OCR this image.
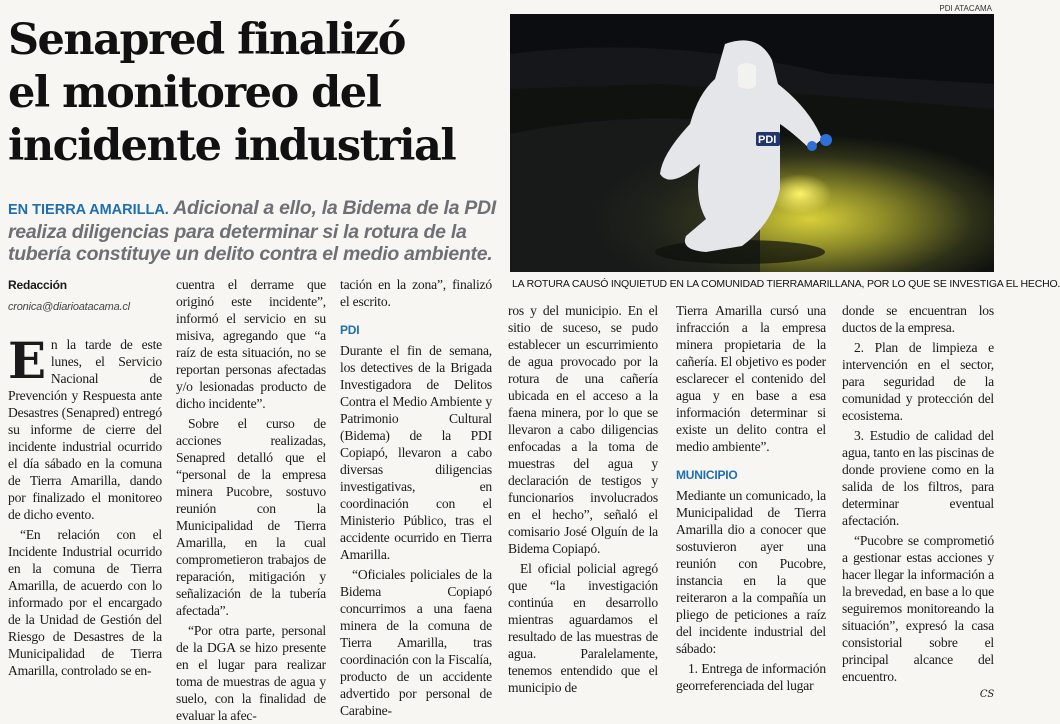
PDI ATACAMA
Senapred finalizó
el monitoreo del
incidente industrial	PDI
LA ROTURA CAUSÓ INQUIETUD EN LA COMUNIDAD TIERRAMARILLANA, POR LO QUE SE INVESTIGA EL HECHO.
EN TIERRA AMARILLA. Adicional a ello, la Bidema de la PDI realiza diligencias para determinar si la rotura de la tubería constituye un delito contra el medio ambiente.
Redacción
cronica@diarioatacama.cl

En la tarde de este lunes, el Servicio Nacional de Prevención y Respuesta ante Desastres (Senapred) entregó su informe de cierre del incidente industrial ocurrido el día sábado en la comuna de Tierra Amarilla, dando por finalizado el monitoreo de dicho evento.

“En relación con el Incidente Industrial ocurrido en la comuna de Tierra Amarilla, de acuerdo con lo informado por el encargado de la Unidad de Gestión del Riesgo de Desastres de la Municipalidad de Tierra Amarilla, controlado se en-

cuentra el derrame que originó este incidente”, informó el servicio en su misiva, agregando que “a raíz de esta situación, no se reportan personas afectadas y/o lesionadas producto de dicho incidente”.

Sobre el curso de acciones realizadas, Senapred detalló que el “personal de la empresa minera Pucobre, sostuvo reunión con la Municipalidad de Tierra Amarilla, en la cual comprometieron trabajos de reparación, mitigación y señalización de la tubería afectada”.

“Por otra parte, personal de la DGA se hizo presente en el lugar para realizar toma de muestras de agua y suelo, con la finalidad de evaluar la afec-

tación en la zona”, finalizó el escrito.

PDI

Durante el fin de semana, los detectives de la Brigada Investigadora de Delitos Contra el Medio Ambiente y Patrimonio Cultural (Bidema) de la PDI Copiapó, llevaron a cabo diversas diligencias investigativas, en coordinación con el Ministerio Público, tras el accidente ocurrido en Tierra Amarilla.

“Oficiales policiales de la Bidema Copiapó concurrimos a una faena minera de la comuna de Tierra Amarilla, tras coordinación con la Fiscalía, producto de un accidente advertido por personal de Carabine-

ros y del municipio. En el sitio de suceso, se pudo establecer un escurrimiento de agua provocado por la rotura de una cañería ubicada en el acceso a la faena minera, por lo que se llevaron a cabo diligencias enfocadas a la toma de muestras del agua y declaración de testigos y funcionarios involucrados en el hecho”, señaló el comisario José Olguín de la Bidema Copiapó.

El oficial policial agregó que “la investigación continúa en desarrollo mientras aguardamos el resultado de las muestras de agua. Paralelamente, tenemos entendido que el municipio de

Tierra Amarilla cursó una infracción a la empresa minera propietaria de la cañería. El objetivo es poder esclarecer el contenido del agua y en base a esa información determinar si existe un delito contra el medio ambiente”.

MUNICIPIO

Mediante un comunicado, la Municipalidad de Tierra Amarilla dio a conocer que sostuvieron ayer una reunión con Pucobre, instancia en la que reiteraron a la compañía un pliego de peticiones a raíz del incidente industrial del sábado:

1. Entrega de información georreferenciada del lugar

donde se encuentran los ductos de la empresa.

2. Plan de limpieza e intervención en el sector, para seguridad de la comunidad y protección del ecosistema.

3. Estudio de calidad del agua, tanto en las piscinas de donde proviene como en la salida de los filtros, para determinar eventual afectación.

“Pucobre se comprometió a gestionar estas acciones y hacer llegar la información a la brevedad, en base a lo que seguiremos monitoreando la situación”, expresó la casa consistorial sobre el principal alcance del encuentro.

CS
